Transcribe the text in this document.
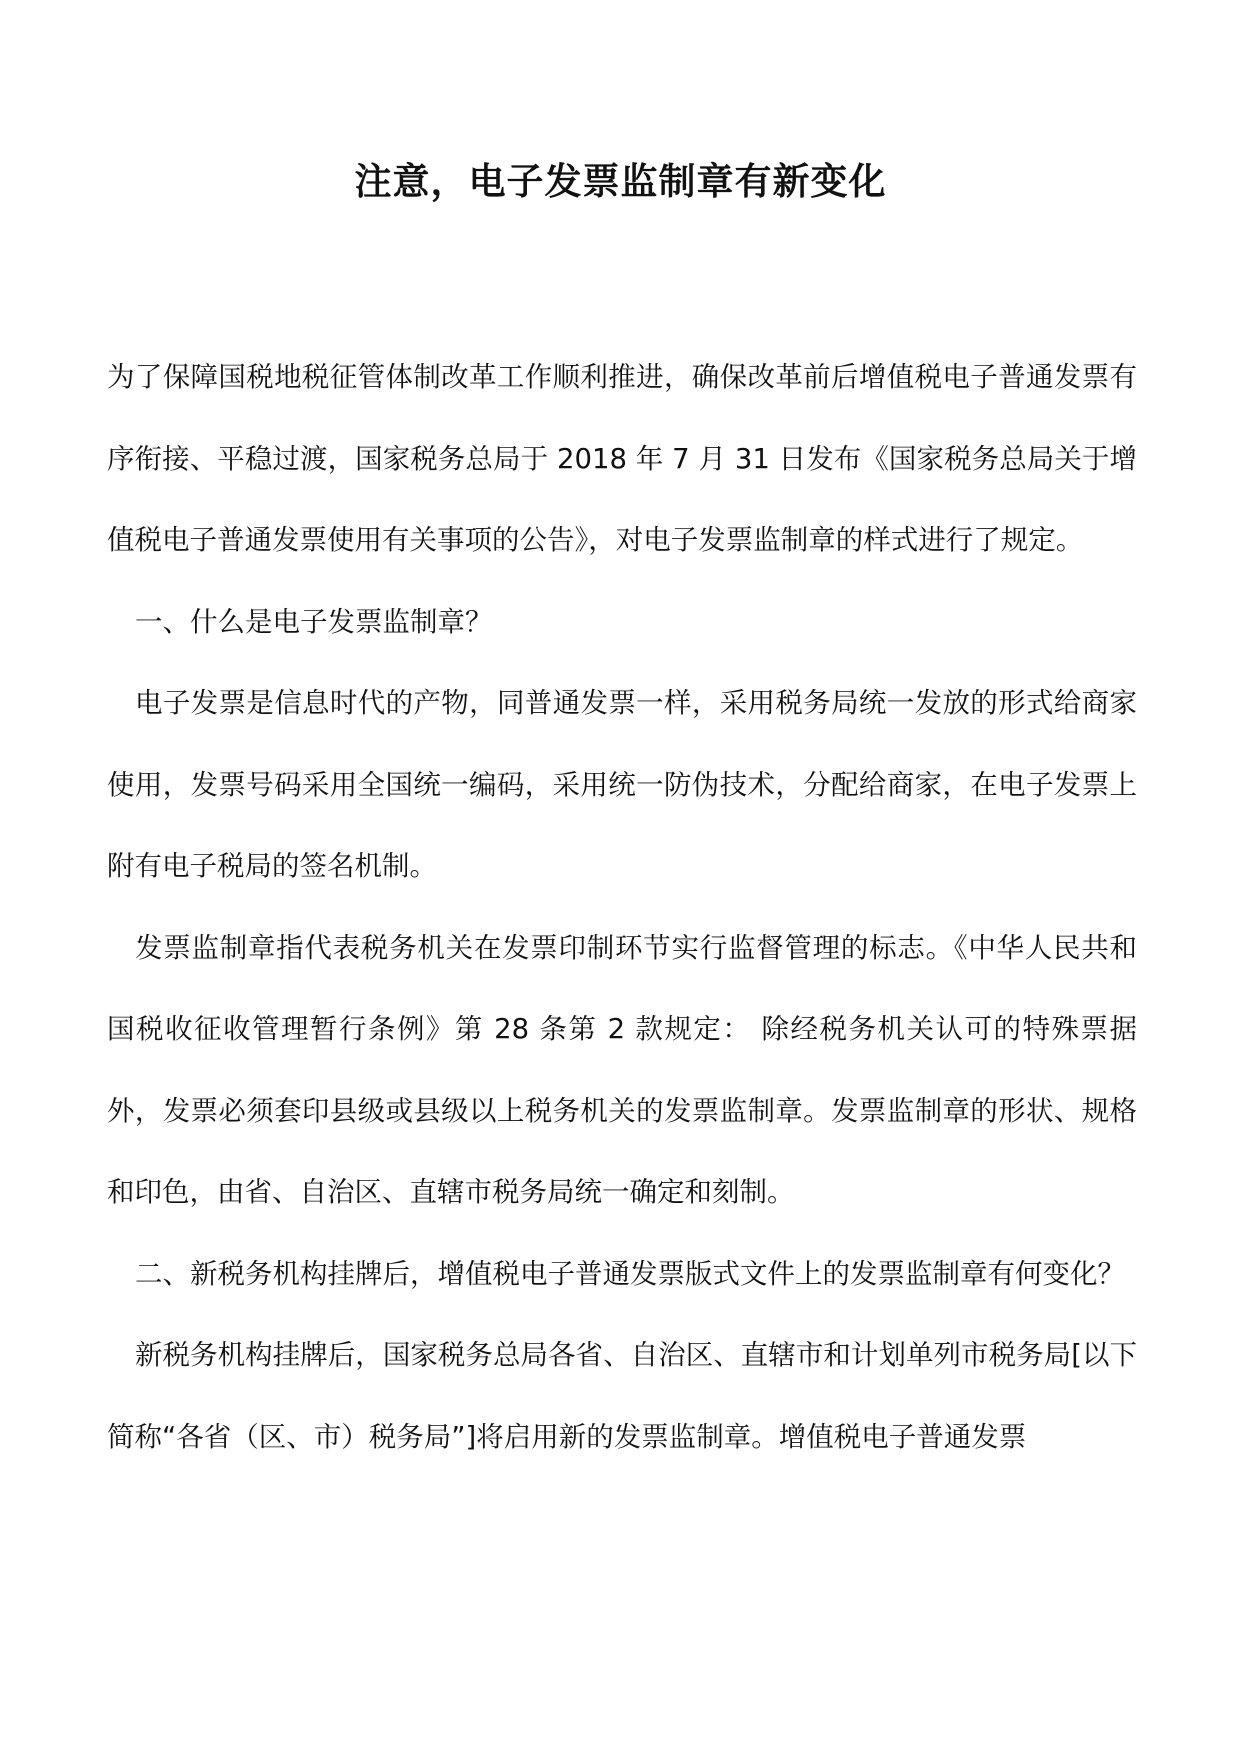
注意，电子发票监制章有新变化

为了保障国税地税征管体制改革工作顺利推进，确保改革前后增值税电子普通发票有序衔接、平稳过渡，国家税务总局于 2018 年 7 月 31 日发布《国家税务总局关于增值税电子普通发票使用有关事项的公告》，对电子发票监制章的样式进行了规定。

一、什么是电子发票监制章？

电子发票是信息时代的产物，同普通发票一样，采用税务局统一发放的形式给商家使用，发票号码采用全国统一编码，采用统一防伪技术，分配给商家，在电子发票上附有电子税局的签名机制。

发票监制章指代表税务机关在发票印制环节实行监督管理的标志。《中华人民共和国税收征收管理暂行条例》第 28 条第 2 款规定： 除经税务机关认可的特殊票据外，发票必须套印县级或县级以上税务机关的发票监制章。发票监制章的形状、规格和印色，由省、自治区、直辖市税务局统一确定和刻制。

二、新税务机构挂牌后，增值税电子普通发票版式文件上的发票监制章有何变化？

新税务机构挂牌后，国家税务总局各省、自治区、直辖市和计划单列市税务局[以下简称“各省（区、市）税务局”]将启用新的发票监制章。增值税电子普通发票
